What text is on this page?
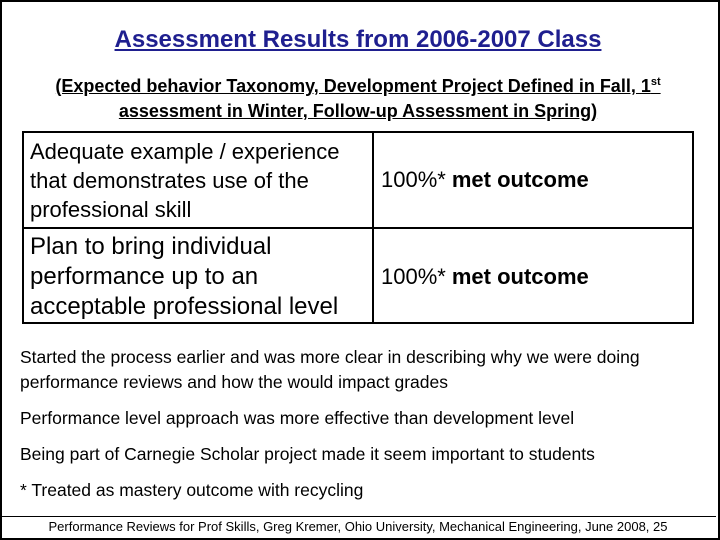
Assessment Results from 2006-2007 Class
(Expected behavior Taxonomy, Development Project Defined in Fall, 1st
assessment in Winter, Follow-up Assessment in Spring)
Adequate example / experience that demonstrates use of the professional skill
100%* met outcome
Plan to bring individual performance up to an acceptable professional level
100%* met outcome

Started the process earlier and was more clear in describing why we were doing performance reviews and how the would impact grades

Performance level approach was more effective than development level

Being part of Carnegie Scholar project made it seem important to students

* Treated as mastery outcome with recycling

Performance Reviews for Prof Skills, Greg Kremer, Ohio University, Mechanical Engineering, June 2008, 25
